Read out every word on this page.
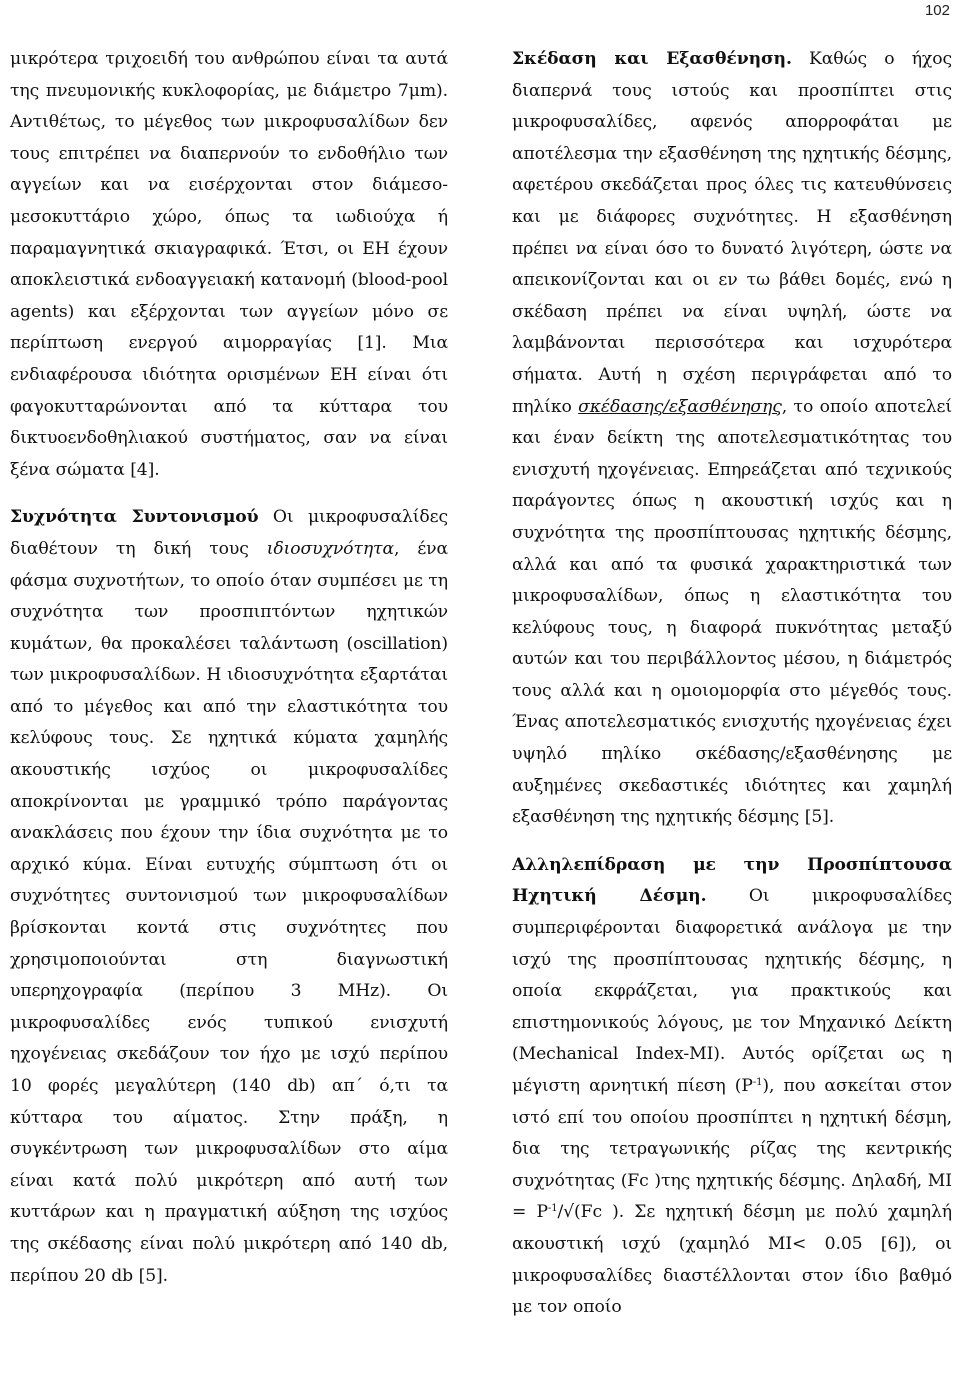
102

μικρότερα τριχοειδή του ανθρώπου είναι τα αυτά της πνευμονικής κυκλοφορίας, με διάμετρο 7μm). Αντιθέτως, το μέγεθος των μικροφυσαλίδων δεν τους επιτρέπει να διαπερνούν το ενδοθήλιο των αγγείων και να εισέρχονται στον διάμεσο-μεσοκυττάριο χώρο, όπως τα ιωδιούχα ή παραμαγνητικά σκιαγραφικά. Έτσι, οι ΕΗ έχουν αποκλειστικά ενδοαγγειακή κατανομή (blood-pool agents) και εξέρχονται των αγγείων μόνο σε περίπτωση ενεργού αιμορραγίας [1]. Μια ενδιαφέρουσα ιδιότητα ορισμένων ΕΗ είναι ότι φαγοκυτταρώνονται από τα κύτταρα του δικτυοενδοθηλιακού συστήματος, σαν να είναι ξένα σώματα [4].

Συχνότητα Συντονισμού Οι μικροφυσαλίδες διαθέτουν τη δική τους ιδιοσυχνότητα, ένα φάσμα συχνοτήτων, το οποίο όταν συμπέσει με τη συχνότητα των προσπιπτόντων ηχητικών κυμάτων, θα προκαλέσει ταλάντωση (oscillation) των μικροφυσαλίδων. Η ιδιοσυχνότητα εξαρτάται από το μέγεθος και από την ελαστικότητα του κελύφους τους. Σε ηχητικά κύματα χαμηλής ακουστικής ισχύος οι μικροφυσαλίδες αποκρίνονται με γραμμικό τρόπο παράγοντας ανακλάσεις που έχουν την ίδια συχνότητα με το αρχικό κύμα. Είναι ευτυχής σύμπτωση ότι οι συχνότητες συντονισμού των μικροφυσαλίδων βρίσκονται κοντά στις συχνότητες που χρησιμοποιούνται στη διαγνωστική υπερηχογραφία (περίπου 3 MHz). Οι μικροφυσαλίδες ενός τυπικού ενισχυτή ηχογένειας σκεδάζουν τον ήχο με ισχύ περίπου 10 φορές μεγαλύτερη (140 db) απ΄ ό,τι τα κύτταρα του αίματος. Στην πράξη, η συγκέντρωση των μικροφυσαλίδων στο αίμα είναι κατά πολύ μικρότερη από αυτή των κυττάρων και η πραγματική αύξηση της ισχύος της σκέδασης είναι πολύ μικρότερη από 140 db, περίπου 20 db [5].

Σκέδαση και Εξασθένηση. Καθώς ο ήχος διαπερνά τους ιστούς και προσπίπτει στις μικροφυσαλίδες, αφενός απορροφάται με αποτέλεσμα την εξασθένηση της ηχητικής δέσμης, αφετέρου σκεδάζεται προς όλες τις κατευθύνσεις και με διάφορες συχνότητες. Η εξασθένηση πρέπει να είναι όσο το δυνατό λιγότερη, ώστε να απεικονίζονται και οι εν τω βάθει δομές, ενώ η σκέδαση πρέπει να είναι υψηλή, ώστε να λαμβάνονται περισσότερα και ισχυρότερα σήματα. Αυτή η σχέση περιγράφεται από το πηλίκο σκέδασης/εξασθένησης, το οποίο αποτελεί και έναν δείκτη της αποτελεσματικότητας του ενισχυτή ηχογένειας. Επηρεάζεται από τεχνικούς παράγοντες όπως η ακουστική ισχύς και η συχνότητα της προσπίπτουσας ηχητικής δέσμης, αλλά και από τα φυσικά χαρακτηριστικά των μικροφυσαλίδων, όπως η ελαστικότητα του κελύφους τους, η διαφορά πυκνότητας μεταξύ αυτών και του περιβάλλοντος μέσου, η διάμετρός τους αλλά και η ομοιομορφία στο μέγεθός τους. Ένας αποτελεσματικός ενισχυτής ηχογένειας έχει υψηλό πηλίκο σκέδασης/εξασθένησης με αυξημένες σκεδαστικές ιδιότητες και χαμηλή εξασθένηση της ηχητικής δέσμης [5].

Αλληλεπίδραση με την Προσπίπτουσα Ηχητική Δέσμη. Οι μικροφυσαλίδες συμπεριφέρονται διαφορετικά ανάλογα με την ισχύ της προσπίπτουσας ηχητικής δέσμης, η οποία εκφράζεται, για πρακτικούς και επιστημονικούς λόγους, με τον Μηχανικό Δείκτη (Mechanical Index-MI). Αυτός ορίζεται ως η μέγιστη αρνητική πίεση $(P^{-1})$, που ασκείται στον ιστό επί του οποίου προσπίπτει η ηχητική δέσμη, δια της τετραγωνικής ρίζας της κεντρικής συχνότητας (Fc )της ηχητικής δέσμης. Δηλαδή, MI = $P^{-1}/√(Fc$ ). Σε ηχητική δέσμη με πολύ χαμηλή ακουστική ισχύ (χαμηλό MI< 0.05 [6]), οι μικροφυσαλίδες διαστέλλονται στον ίδιο βαθμό με τον οποίο
